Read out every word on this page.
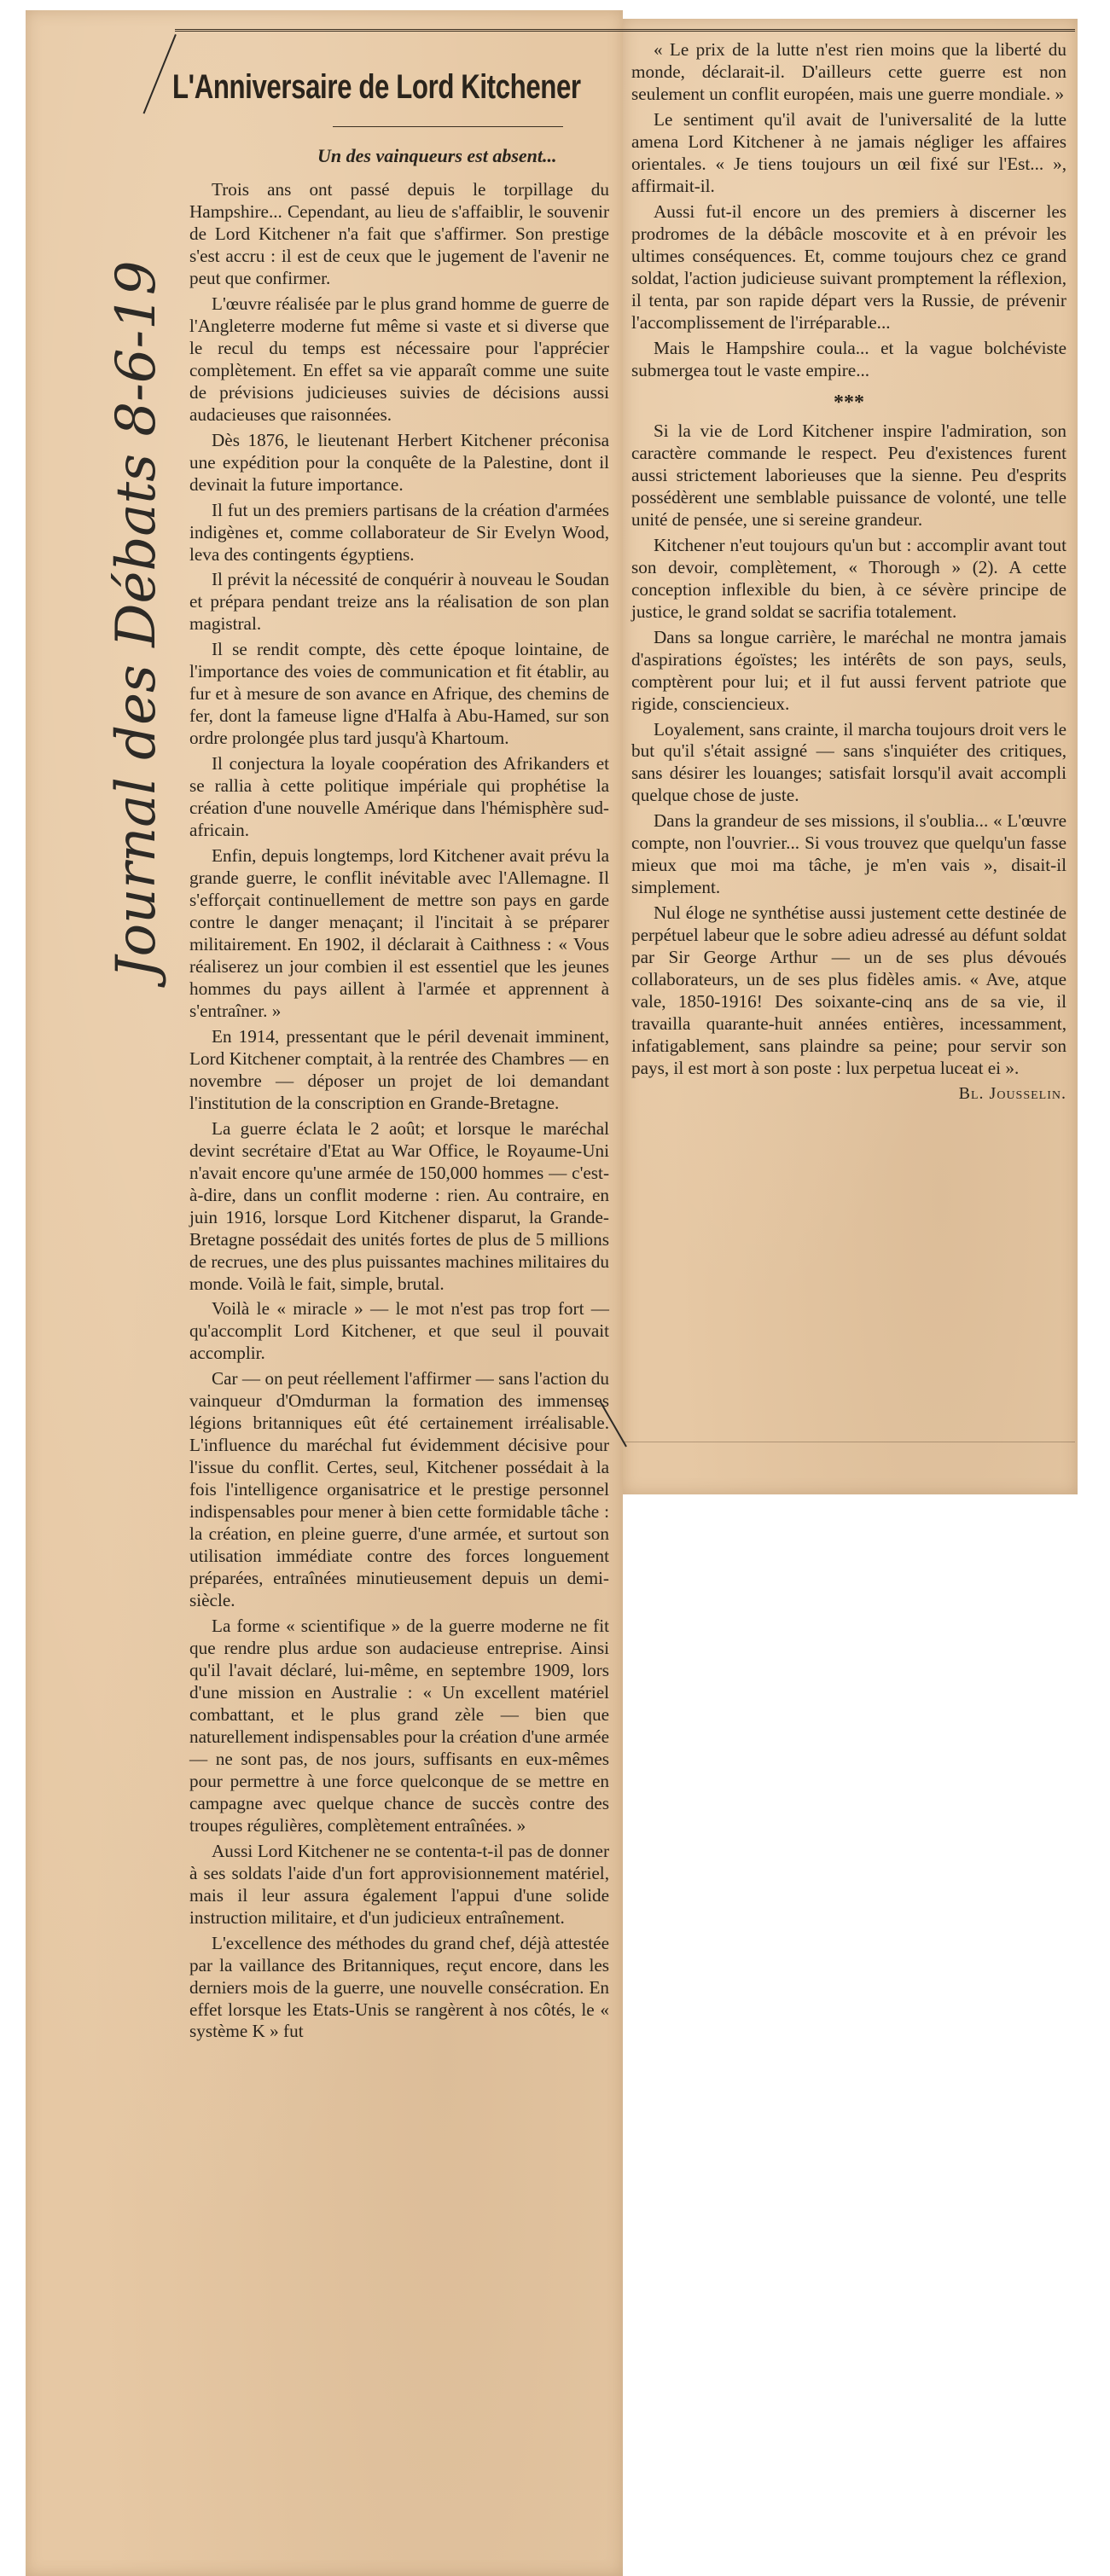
L'Anniversaire de Lord Kitchener
Un des vainqueurs est absent...
Journal des Débats 8-6-19

Trois ans ont passé depuis le torpillage du Hampshire... Cependant, au lieu de s'affaiblir, le souvenir de Lord Kitchener n'a fait que s'affirmer. Son prestige s'est accru : il est de ceux que le jugement de l'avenir ne peut que confirmer.

L'œuvre réalisée par le plus grand homme de guerre de l'Angleterre moderne fut même si vaste et si diverse que le recul du temps est nécessaire pour l'apprécier complètement. En effet sa vie apparaît comme une suite de prévisions judicieuses suivies de décisions aussi audacieuses que raisonnées.

Dès 1876, le lieutenant Herbert Kitchener préconisa une expédition pour la conquête de la Palestine, dont il devinait la future importance.

Il fut un des premiers partisans de la création d'armées indigènes et, comme collaborateur de Sir Evelyn Wood, leva des contingents égyptiens.

Il prévit la nécessité de conquérir à nouveau le Soudan et prépara pendant treize ans la réalisation de son plan magistral.

Il se rendit compte, dès cette époque lointaine, de l'importance des voies de communication et fit établir, au fur et à mesure de son avance en Afrique, des chemins de fer, dont la fameuse ligne d'Halfa à Abu-Hamed, sur son ordre prolongée plus tard jusqu'à Khartoum.

Il conjectura la loyale coopération des Afrikanders et se rallia à cette politique impériale qui prophétise la création d'une nouvelle Amérique dans l'hémisphère sud-africain.

Enfin, depuis longtemps, lord Kitchener avait prévu la grande guerre, le conflit inévitable avec l'Allemagne. Il s'efforçait continuellement de mettre son pays en garde contre le danger menaçant; il l'incitait à se préparer militairement. En 1902, il déclarait à Caithness : « Vous réaliserez un jour combien il est essentiel que les jeunes hommes du pays aillent à l'armée et apprennent à s'entraîner. »

En 1914, pressentant que le péril devenait imminent, Lord Kitchener comptait, à la rentrée des Chambres — en novembre — déposer un projet de loi demandant l'institution de la conscription en Grande-Bretagne.

La guerre éclata le 2 août; et lorsque le maréchal devint secrétaire d'Etat au War Office, le Royaume-Uni n'avait encore qu'une armée de 150,000 hommes — c'est-à-dire, dans un conflit moderne : rien. Au contraire, en juin 1916, lorsque Lord Kitchener disparut, la Grande-Bretagne possédait des unités fortes de plus de 5 millions de recrues, une des plus puissantes machines militaires du monde. Voilà le fait, simple, brutal.

Voilà le « miracle » — le mot n'est pas trop fort — qu'accomplit Lord Kitchener, et que seul il pouvait accomplir.

Car — on peut réellement l'affirmer — sans l'action du vainqueur d'Omdurman la formation des immenses légions britanniques eût été certainement irréalisable. L'influence du maréchal fut évidemment décisive pour l'issue du conflit. Certes, seul, Kitchener possédait à la fois l'intelligence organisatrice et le prestige personnel indispensables pour mener à bien cette formidable tâche : la création, en pleine guerre, d'une armée, et surtout son utilisation immédiate contre des forces longuement préparées, entraînées minutieusement depuis un demi-siècle.

La forme « scientifique » de la guerre moderne ne fit que rendre plus ardue son audacieuse entreprise. Ainsi qu'il l'avait déclaré, lui-même, en septembre 1909, lors d'une mission en Australie : « Un excellent matériel combattant, et le plus grand zèle — bien que naturellement indispensables pour la création d'une armée — ne sont pas, de nos jours, suffisants en eux-mêmes pour permettre à une force quelconque de se mettre en campagne avec quelque chance de succès contre des troupes régulières, complètement entraînées. »

Aussi Lord Kitchener ne se contenta-t-il pas de donner à ses soldats l'aide d'un fort approvisionnement matériel, mais il leur assura également l'appui d'une solide instruction militaire, et d'un judicieux entraînement.

L'excellence des méthodes du grand chef, déjà attestée par la vaillance des Britanniques, reçut encore, dans les derniers mois de la guerre, une nouvelle consécration. En effet lorsque les Etats-Unis se rangèrent à nos côtés, le « système K » fut

« Le prix de la lutte n'est rien moins que la liberté du monde, déclarait-il. D'ailleurs cette guerre est non seulement un conflit européen, mais une guerre mondiale. »

Le sentiment qu'il avait de l'universalité de la lutte amena Lord Kitchener à ne jamais négliger les affaires orientales. « Je tiens toujours un œil fixé sur l'Est... », affirmait-il.

Aussi fut-il encore un des premiers à discerner les prodromes de la débâcle moscovite et à en prévoir les ultimes conséquences. Et, comme toujours chez ce grand soldat, l'action judicieuse suivant promptement la réflexion, il tenta, par son rapide départ vers la Russie, de prévenir l'accomplissement de l'irréparable...

Mais le Hampshire coula... et la vague bolchéviste submergea tout le vaste empire...

***

Si la vie de Lord Kitchener inspire l'admiration, son caractère commande le respect. Peu d'existences furent aussi strictement laborieuses que la sienne. Peu d'esprits possédèrent une semblable puissance de volonté, une telle unité de pensée, une si sereine grandeur.

Kitchener n'eut toujours qu'un but : accomplir avant tout son devoir, complètement, « Thorough » (2). A cette conception inflexible du bien, à ce sévère principe de justice, le grand soldat se sacrifia totalement.

Dans sa longue carrière, le maréchal ne montra jamais d'aspirations égoïstes; les intérêts de son pays, seuls, comptèrent pour lui; et il fut aussi fervent patriote que rigide, consciencieux.

Loyalement, sans crainte, il marcha toujours droit vers le but qu'il s'était assigné — sans s'inquiéter des critiques, sans désirer les louanges; satisfait lorsqu'il avait accompli quelque chose de juste.

Dans la grandeur de ses missions, il s'oubliа... « L'œuvre compte, non l'ouvrier... Si vous trouvez que quelqu'un fasse mieux que moi ma tâche, je m'en vais », disait-il simplement.

Nul éloge ne synthétise aussi justement cette destinée de perpétuel labeur que le sobre adieu adressé au défunt soldat par Sir George Arthur — un de ses plus dévoués collaborateurs, un de ses plus fidèles amis. « Ave, atque vale, 1850-1916! Des soixante-cinq ans de sa vie, il travailla quarante-huit années entières, incessamment, infatigablement, sans plaindre sa peine; pour servir son pays, il est mort à son poste : lux perpetua luceat ei ».

Bl. Jousselin.
